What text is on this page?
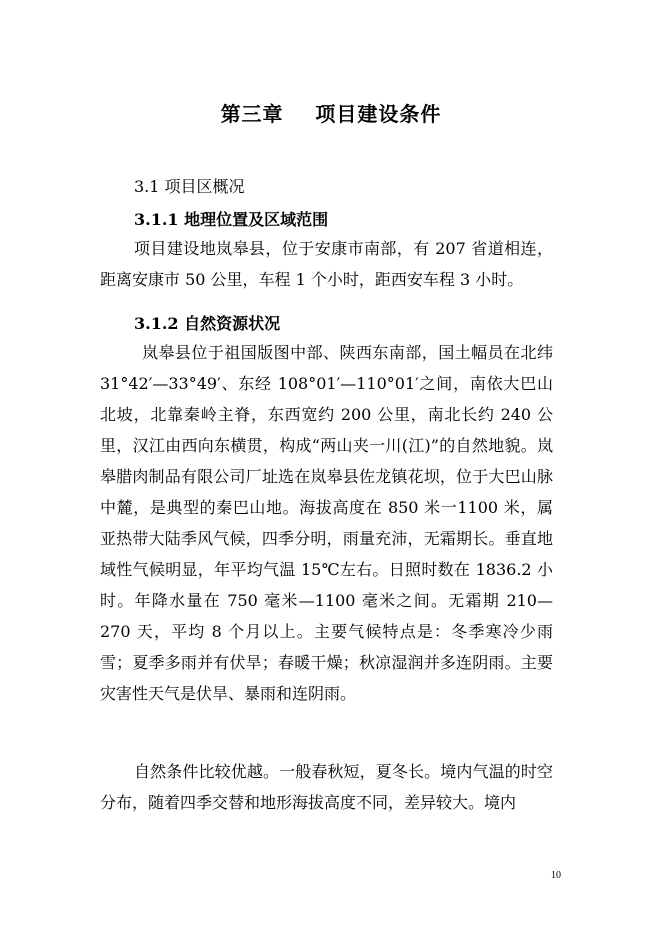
第三章    项目建设条件
3.1 项目区概况
3.1.1 地理位置及区域范围

项目建设地岚皋县，位于安康市南部，有 207 省道相连，距离安康市 50 公里，车程 1 个小时，距西安车程 3 小时。

3.1.2 自然资源状况

岚皋县位于祖国版图中部、陕西东南部，国土幅员在北纬 31°42′—33°49′、东经 108°01′—110°01′之间，南依大巴山北坡，北靠秦岭主脊，东西宽约 200 公里，南北长约 240 公里，汉江由西向东横贯，构成“两山夹一川(江)”的自然地貌。岚皋腊肉制品有限公司厂址选在岚皋县佐龙镇花坝，位于大巴山脉中麓，是典型的秦巴山地。海拔高度在 850 米一1100 米，属亚热带大陆季风气候，四季分明，雨量充沛，无霜期长。垂直地域性气候明显，年平均气温 15℃左右。日照时数在 1836.2 小时。年降水量在 750 毫米—1100 毫米之间。无霜期 210—270 天，平均 8 个月以上。主要气候特点是：冬季寒冷少雨雪；夏季多雨并有伏旱；春暖干燥；秋凉湿润并多连阴雨。主要灾害性天气是伏旱、暴雨和连阴雨。

自然条件比较优越。一般春秋短，夏冬长。境内气温的时空分布，随着四季交替和地形海拔高度不同，差异较大。境内

10
